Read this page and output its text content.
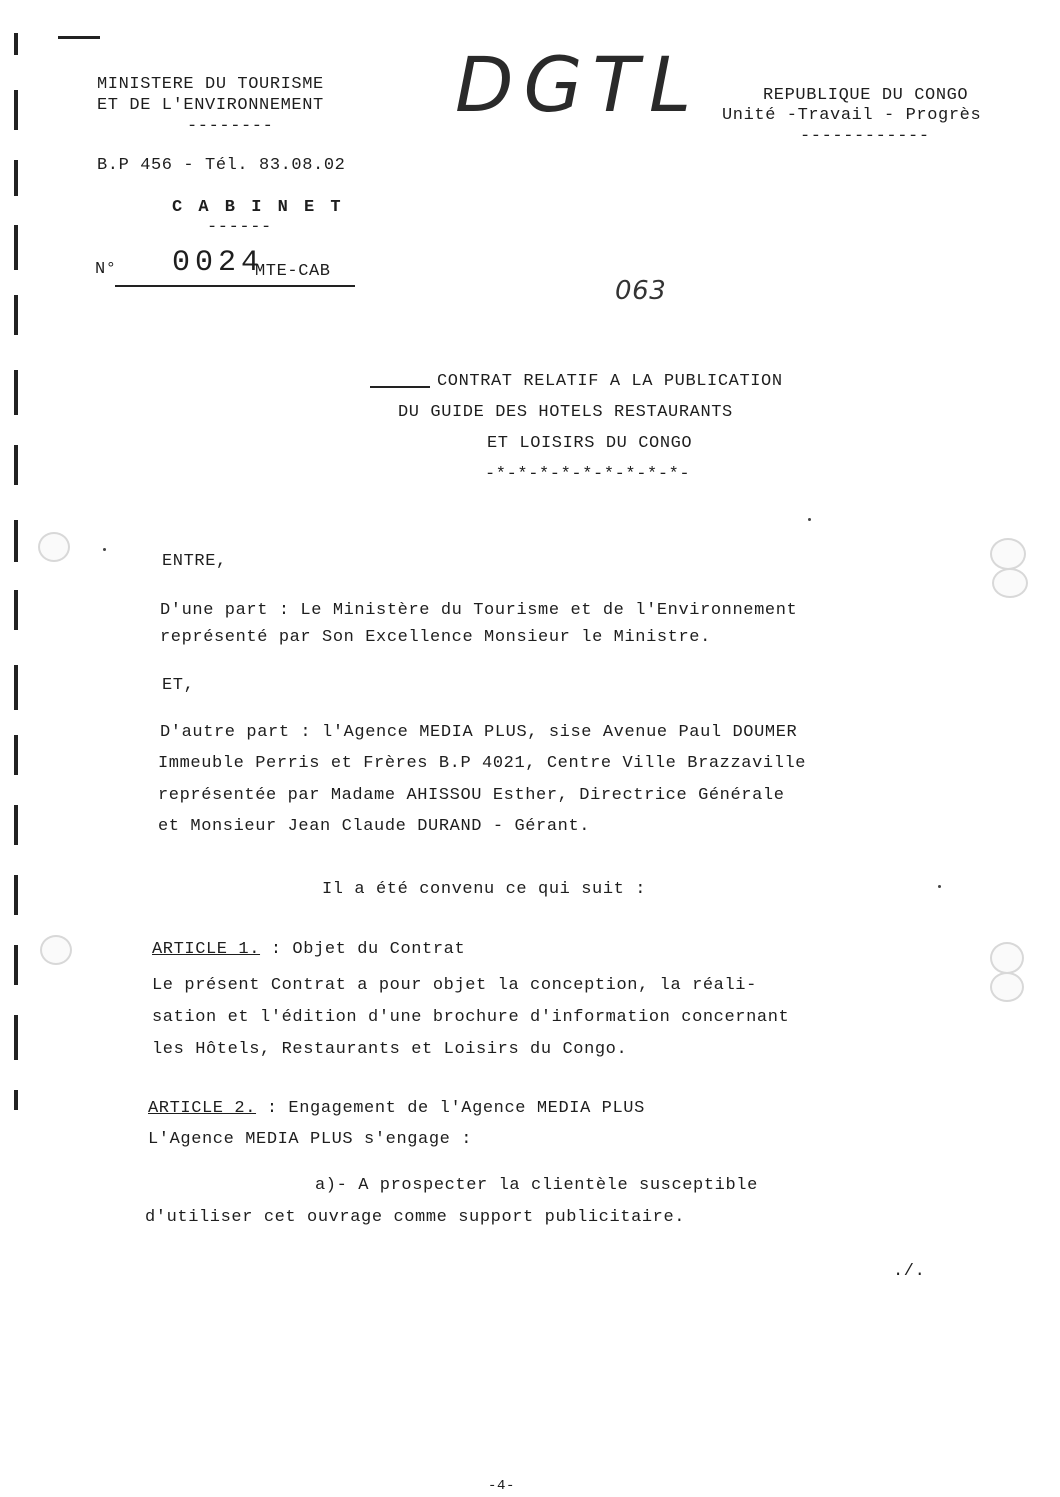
MINISTERE DU TOURISME
ET DE L'ENVIRONNEMENT
--------
B.P 456 - Tél. 83.08.02
C A B I N E T
------
N° 0024
MTE-CAB
REPUBLIQUE DU CONGO
Unité -Travail - Progrès
------------
DGTL
063
CONTRAT RELATIF A LA PUBLICATION
DU GUIDE DES HOTELS RESTAURANTS
ET LOISIRS DU CONGO
-*-*-*-*-*-*-*-*-*-
ENTRE,
D'une part : Le Ministère du Tourisme et de l'Environnement
représenté par Son Excellence Monsieur le Ministre.
ET,
D'autre part : l'Agence MEDIA PLUS, sise Avenue Paul DOUMER
Immeuble Perris et Frères B.P 4021, Centre Ville Brazzaville
représentée par Madame AHISSOU Esther, Directrice Générale
et Monsieur Jean Claude DURAND - Gérant.
Il a été convenu ce qui suit :
ARTICLE 1. : Objet du Contrat
Le présent Contrat a pour objet la conception, la réali-
sation et l'édition d'une brochure d'information concernant
les Hôtels, Restaurants et Loisirs du Congo.
ARTICLE 2. : Engagement de l'Agence MEDIA PLUS
L'Agence MEDIA PLUS s'engage :
a)- A prospecter la clientèle susceptible
d'utiliser cet ouvrage comme support publicitaire.
./.
-4-
